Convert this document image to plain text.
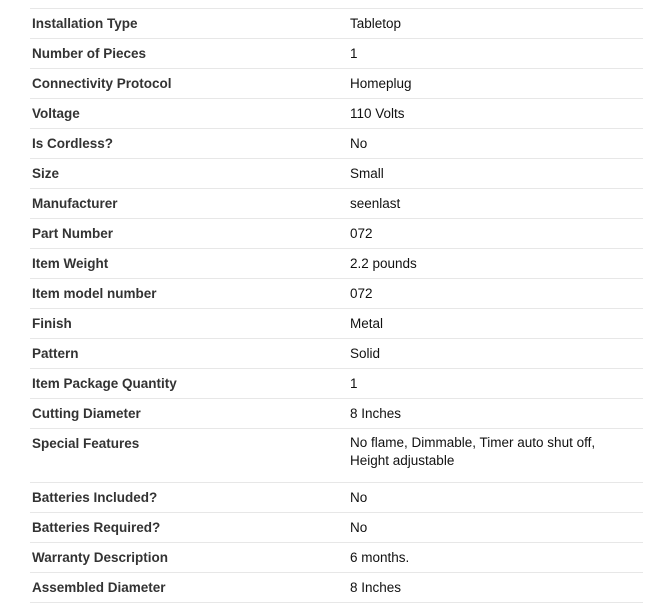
Installation Type	Tabletop
Number of Pieces	1
Connectivity Protocol	Homeplug
Voltage	110 Volts
Is Cordless?	No
Size	Small
Manufacturer	seenlast
Part Number	072
Item Weight	2.2 pounds
Item model number	072
Finish	Metal
Pattern	Solid
Item Package Quantity	1
Cutting Diameter	8 Inches
Special Features	No flame, Dimmable, Timer auto shut off, Height adjustable
Batteries Included?	No
Batteries Required?	No
Warranty Description	6 months.
Assembled Diameter	8 Inches
